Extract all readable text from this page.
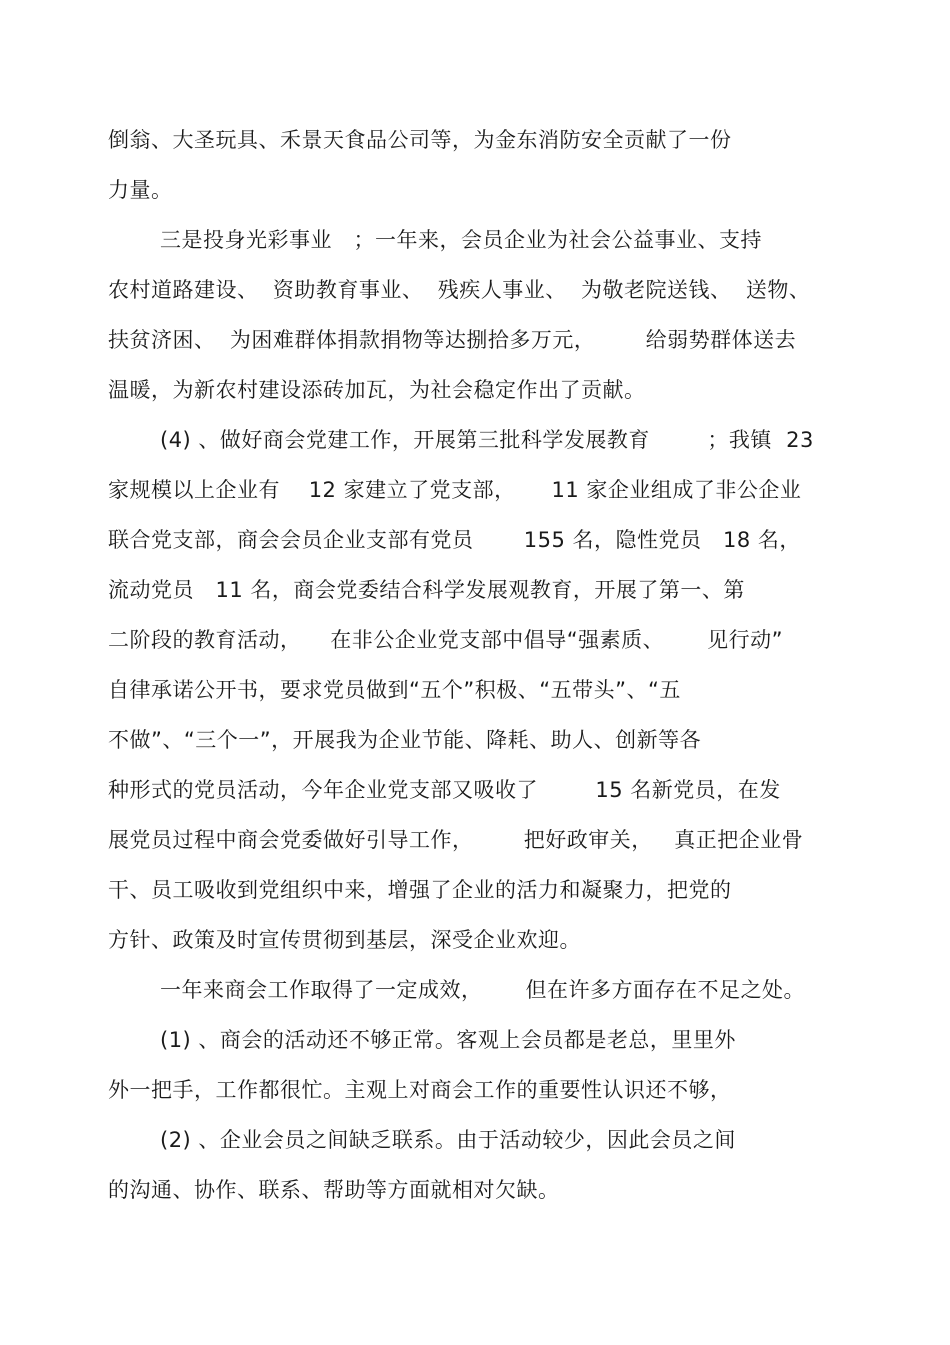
倒翁、大圣玩具、禾景天食品公司等，为金东消防安全贡献了一份
力量。
三是投身光彩事业   ；一年来，会员企业为社会公益事业、支持
农村道路建设、  资助教育事业、  残疾人事业、  为敬老院送钱、  送物、
扶贫济困、  为困难群体捐款捐物等达捌拾多万元，       给弱势群体送去
温暖，为新农村建设添砖加瓦，为社会稳定作出了贡献。
(4) 、做好商会党建工作，开展第三批科学发展教育        ；我镇  23
家规模以上企业有    12 家建立了党支部，     11 家企业组成了非公企业
联合党支部，商会会员企业支部有党员       155 名，隐性党员   18 名，
流动党员   11 名，商会党委结合科学发展观教育，开展了第一、第
二阶段的教育活动，    在非公企业党支部中倡导“强素质、      见行动”
自律承诺公开书，要求党员做到“五个”积极、“五带头”、“五
不做”、“三个一”，开展我为企业节能、降耗、助人、创新等各
种形式的党员活动，今年企业党支部又吸收了        15 名新党员，在发
展党员过程中商会党委做好引导工作，       把好政审关，   真正把企业骨
干、员工吸收到党组织中来，增强了企业的活力和凝聚力，把党的
方针、政策及时宣传贯彻到基层，深受企业欢迎。
一年来商会工作取得了一定成效，      但在许多方面存在不足之处。
(1) 、商会的活动还不够正常。客观上会员都是老总，里里外
外一把手，工作都很忙。主观上对商会工作的重要性认识还不够，
(2) 、企业会员之间缺乏联系。由于活动较少，因此会员之间
的沟通、协作、联系、帮助等方面就相对欠缺。
